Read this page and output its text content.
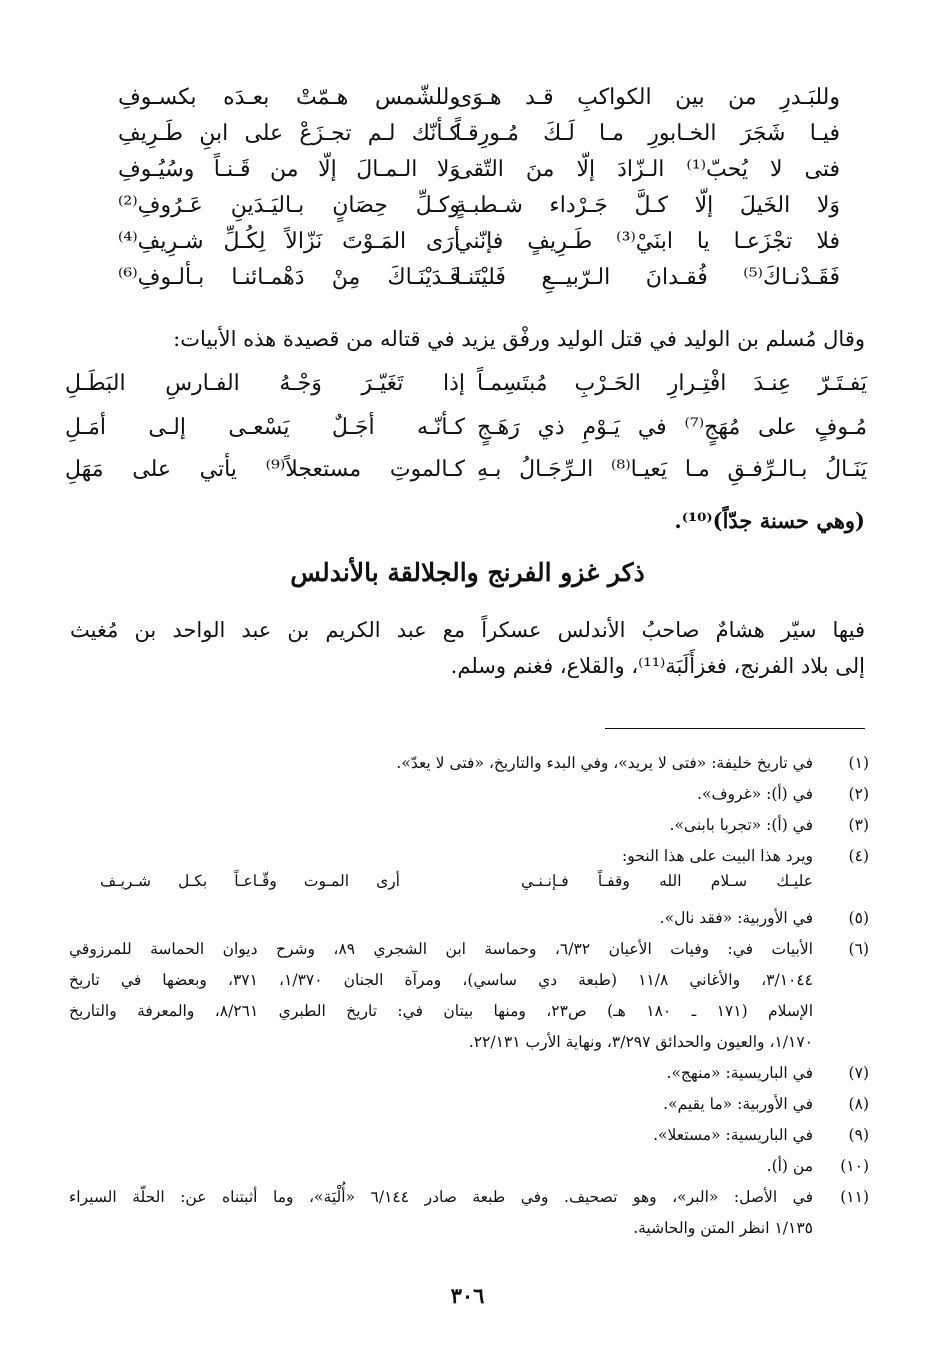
وللبَـدرِ من بين الكواكبِ قـد هـوَى
وللشّمس هـمّتْ بعـدَه بكسـوفِ
فيـا شَجَرَ الخـابورِ مـا لَـكَ مُـورِقـاً
كـأنّك لـم تجـزَعْ على ابنِ طَـرِيفِ
فتى لا يُحبّ⁽¹⁾ الـزّادَ إلّا منَ التّقى
وَلا الـمـالَ إلّا من قَـنـاً وسُيُـوفِ
وَلا الخَيلَ إلّا كـلَّ جَـرْداء شـطبـةٍ
وكـلِّ حِصَانٍ بـاليَـدَينِ عَـرُوفِ⁽²⁾
فلا تجْزَعـا يا ابنَيْ⁽³⁾ طَـرِيفٍ فإنّني
أرَى المَـوْتَ نَزّالاً لِكُـلِّ شـرِيفِ⁽⁴⁾
فَقَـدْنـاكَ⁽⁵⁾ فُقـدانَ الـرّبيــعِ فَليْتَنـا
فَـدَيْنَـاكَ مِنْ دَهْمـائنـا بـألـوفِ⁽⁶⁾
وقال مُسلم بن الوليد في قتل الوليد ورفْق يزيد في قتاله من قصيدة هذه الأبيات:
يَفـتَـرّ عِنـدَ افْتِـرارِ الحَـرْبِ مُبتَسِمـاً
إذا تَغَيّـرَ وَجْـهُ الفـارسِ البَطَـلِ
مُـوفٍ على مُهَجٍ⁽⁷⁾ في يَـوْمِ ذي رَهَـجٍ
كـأنّـه أجَـلٌ يَسْعـى إلـى أمَـلِ
يَنَـالُ بـالـرِّفـقِ مـا يَعيـا⁽⁸⁾ الـرِّجَـالُ بـهِ
كـالموتِ مستعجلاً⁽⁹⁾ يأتي على مَهَلِ
(وهي حسنة جدّاً)⁽¹⁰⁾.
ذكر غزو الفرنج والجلالقة بالأندلس
فيها سيّر هشامٌ صاحبُ الأندلس عسكراً مع عبد الكريم بن عبد الواحد بن مُغيث
إلى بلاد الفرنج، فغزأَلَبَة⁽¹¹⁾، والقلاع، فغنم وسلم.
(١)
في تاريخ خليفة: «فتى لا يريد»، وفي البدء والتاريخ، «فتى لا يعدّ».
(٢)
في (أ): «غروف».
(٣)
في (أ): «تجربا بابنى».
(٤)
ويرد هذا البيت على هذا النحو:
عليـك سـلام الله وقفـاً فـإنـنـي
أرى المـوت وقّـاعـاً بكـل شـريـف
(٥)
في الأوربية: «فقد نال».
(٦)
الأبيات في: وفيات الأعيان ٦/٣٢، وحماسة ابن الشجري ٨٩، وشرح ديوان الحماسة للمرزوقي
٣/١٠٤٤، والأغاني ١١/٨ (طبعة دي ساسي)، ومرآة الجنان ١/٣٧٠، ٣٧١، وبعضها في تاريخ
الإسلام (١٧١ ـ ١٨٠ هـ) ص٢٣، ومنها بيتان في: تاريخ الطبري ٨/٢٦١، والمعرفة والتاريخ
١/١٧٠، والعيون والحدائق ٣/٢٩٧، ونهاية الأرب ٢٢/١٣١.
(٧)
في الباريسية: «منهج».
(٨)
في الأوربية: «ما يقيم».
(٩)
في الباريسية: «مستعلا».
(١٠)
من (أ).
(١١)
في الأصل: «البر»، وهو تصحيف. وفي طبعة صادر ٦/١٤٤ «أُلْيَة»، وما أثبتناه عن: الحلّة السيراء
١/١٣٥ انظر المتن والحاشية.
٣٠٦
